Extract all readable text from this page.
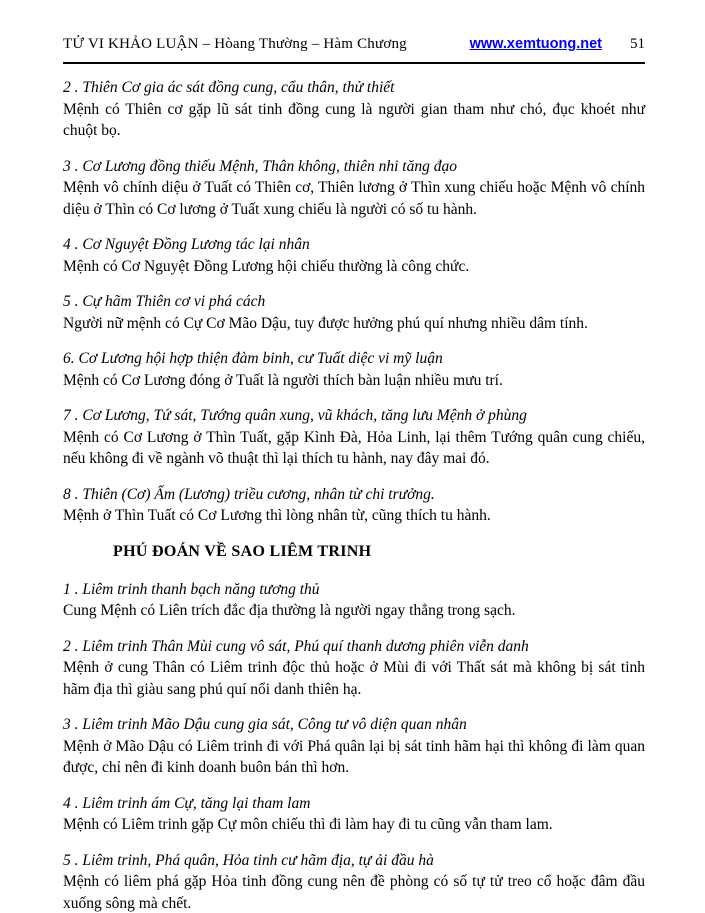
TỬ VI KHẢO LUẬN – Hòang Thường – Hàm Chương	www.xemtuong.net 51
2 . Thiên Cơ gia ác sát đồng cung, cẩu thân, thử thiết
Mệnh có Thiên cơ gặp lũ sát tinh đồng cung là người gian tham như chó, đục khoét như chuột bọ.
3 . Cơ Lương đồng thiếu Mệnh, Thân không, thiên nhi tăng đạo
Mệnh vô chính diệu ở Tuất có Thiên cơ, Thiên lương ở Thìn xung chiếu hoặc Mệnh vô chính diệu ở Thìn có Cơ lương ở Tuất xung chiếu là người có số tu hành.
4 . Cơ Nguyệt Đồng Lương tác lại nhân
Mệnh có Cơ Nguyệt Đồng Lương hội chiếu thường là công chức.
5 . Cự hãm Thiên cơ vi phá cách
Người nữ mệnh có Cự Cơ Mão Dậu, tuy được hưởng phú quí nhưng nhiều dâm tính.
6. Cơ Lương hội hợp thiện đàm binh, cư Tuất diệc vi mỹ luận
Mệnh có Cơ Lương đóng ở Tuất là người thích bàn luận nhiều mưu trí.
7 . Cơ Lương, Tứ sát, Tướng quân xung, vũ khách, tăng lưu Mệnh ở phùng
Mệnh có Cơ Lương ở Thìn Tuất, gặp Kình Đà, Hỏa Linh, lại thêm Tướng quân cung chiếu, nếu không đi về ngành võ thuật thì lại thích tu hành, nay đây mai đó.
8 . Thiên (Cơ) Ấm (Lương) triều cương, nhân từ chi trưởng.
Mệnh ở Thìn Tuất có Cơ Lương thì lòng nhân từ, cũng thích tu hành.
PHÚ ĐOÁN VỀ SAO LIÊM TRINH
1 . Liêm trinh thanh bạch năng tương thủ
Cung Mệnh có Liên trích đắc địa thường là người ngay thẳng trong sạch.
2 . Liêm trinh Thân Mùi cung vô sát, Phú quí thanh dương phiên viễn danh
Mệnh ở cung Thân có Liêm trinh độc thủ hoặc ở Mùi đi với Thất sát mà không bị sát tinh hãm địa thì giàu sang phú quí nổi danh thiên hạ.
3 . Liêm trinh Mão Dậu cung gia sát, Công tư vô diện quan nhân
Mệnh ở Mão Dậu có Liêm trinh đi với Phá quân lại bị sát tinh hãm hại thì không đi làm quan được, chỉ nên đi kinh doanh buôn bán thì hơn.
4 . Liêm trinh ám Cự, tăng lại tham lam
Mệnh có Liêm trinh gặp Cự môn chiếu thì đi làm hay đi tu cũng vẫn tham lam.
5 . Liêm trinh, Phá quân, Hỏa tinh cư hãm địa, tự ải đầu hà
Mệnh có liêm phá gặp Hỏa tinh đồng cung nên đề phòng có số tự tử treo cổ hoặc đâm đầu xuống sông mà chết.
